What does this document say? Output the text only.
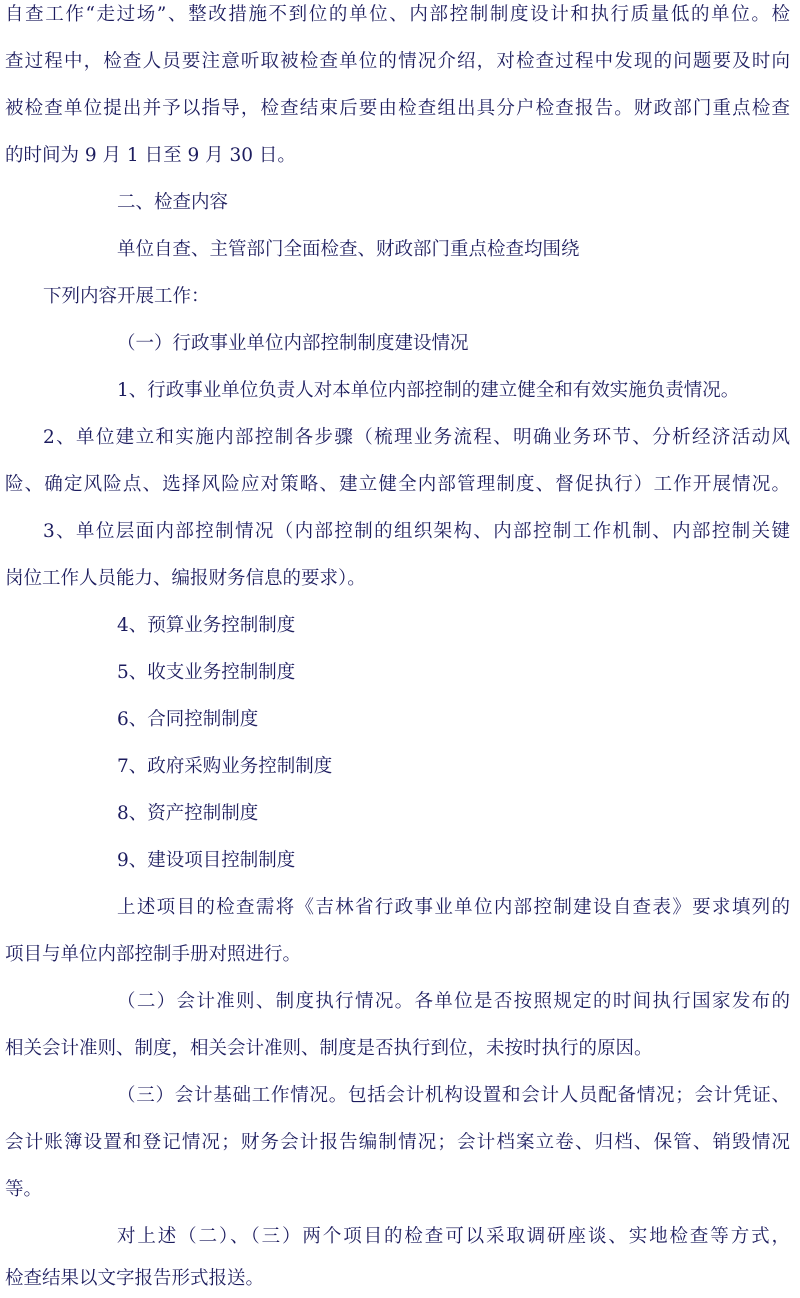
自查工作“走过场”、整改措施不到位的单位、内部控制制度设计和执行质量低的单位。检
查过程中，检查人员要注意听取被检查单位的情况介绍，对检查过程中发现的问题要及时向
被检查单位提出并予以指导，检查结束后要由检查组出具分户检查报告。财政部门重点检查
的时间为 9 月 1 日至 9 月 30 日。
二、检查内容
单位自查、主管部门全面检查、财政部门重点检查均围绕
下列内容开展工作：
（一）行政事业单位内部控制制度建设情况
1、行政事业单位负责人对本单位内部控制的建立健全和有效实施负责情况。
2、单位建立和实施内部控制各步骤（梳理业务流程、明确业务环节、分析经济活动风
险、确定风险点、选择风险应对策略、建立健全内部管理制度、督促执行）工作开展情况。
3、单位层面内部控制情况（内部控制的组织架构、内部控制工作机制、内部控制关键
岗位工作人员能力、编报财务信息的要求）。
4、预算业务控制制度
5、收支业务控制制度
6、合同控制制度
7、政府采购业务控制制度
8、资产控制制度
9、建设项目控制制度
上述项目的检查需将《吉林省行政事业单位内部控制建设自查表》要求填列的
项目与单位内部控制手册对照进行。
（二）会计准则、制度执行情况。各单位是否按照规定的时间执行国家发布的
相关会计准则、制度，相关会计准则、制度是否执行到位，未按时执行的原因。
（三）会计基础工作情况。包括会计机构设置和会计人员配备情况；会计凭证、
会计账簿设置和登记情况；财务会计报告编制情况；会计档案立卷、归档、保管、销毁情况
等。
对上述（二）、（三）两个项目的检查可以采取调研座谈、实地检查等方式，
检查结果以文字报告形式报送。
